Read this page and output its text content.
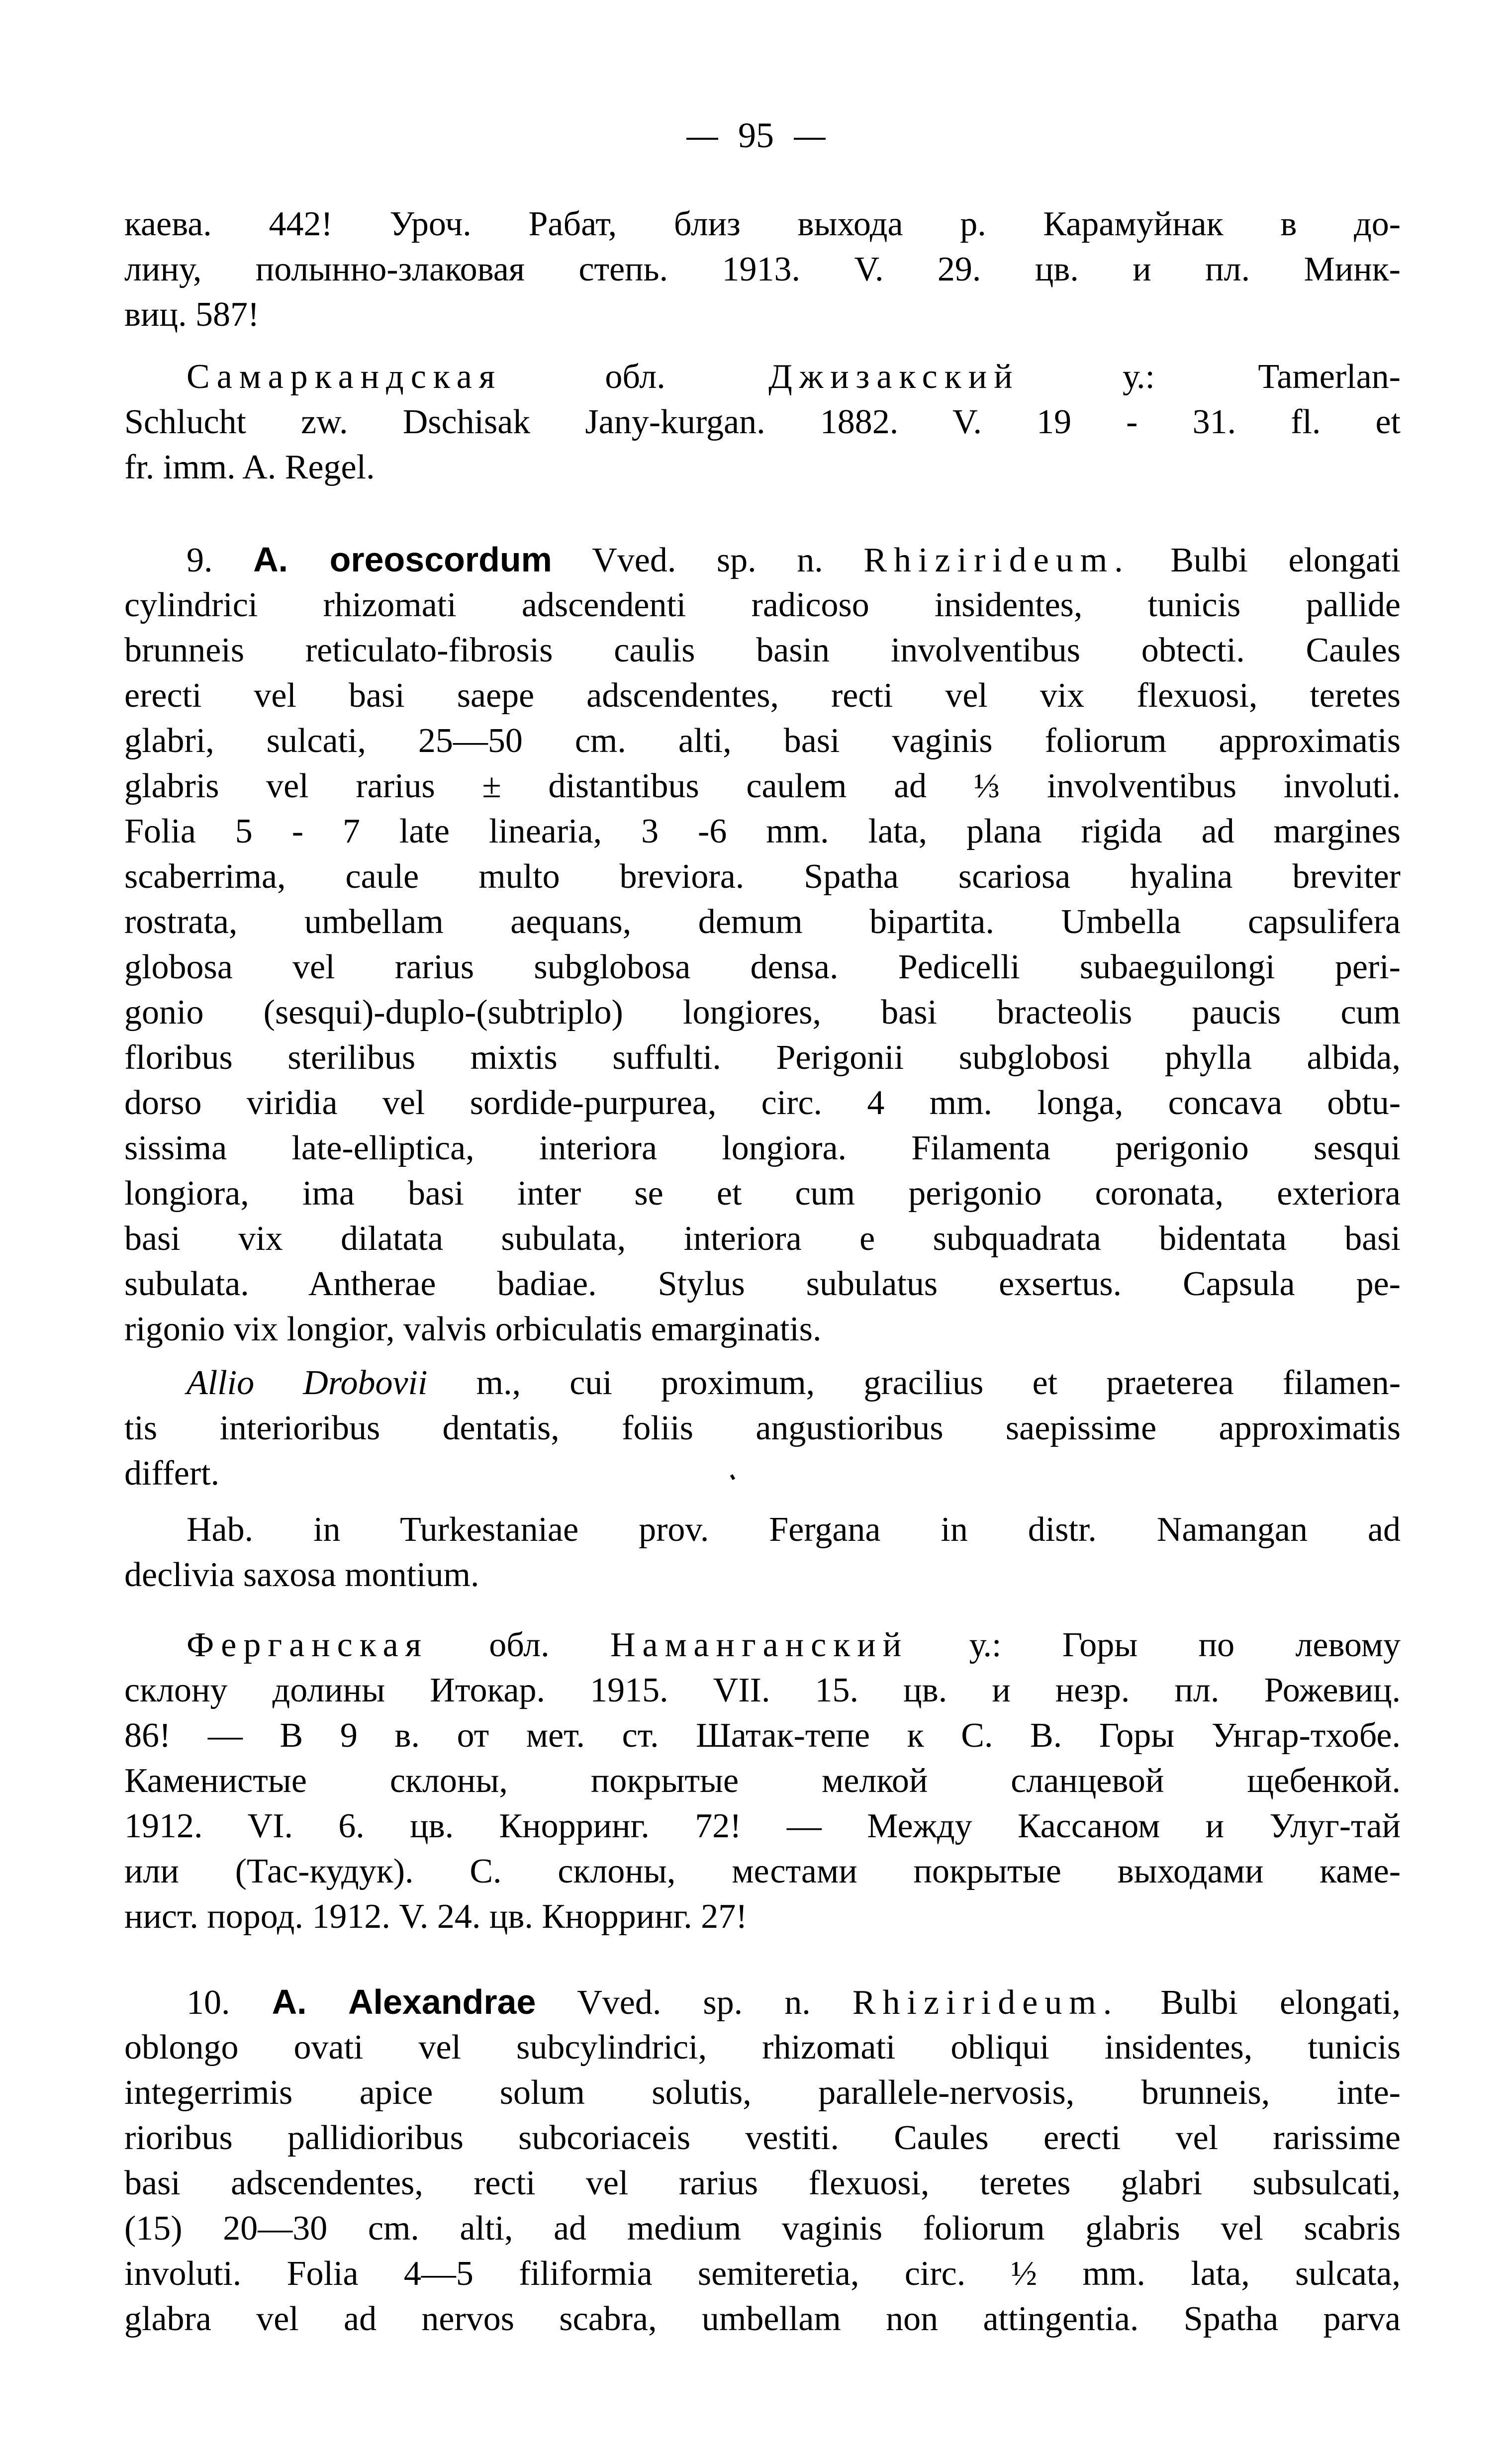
95
каева. 442! Уроч. Рабат, близ выхода р. Карамуйнак в до-
лину, полынно-злаковая степь. 1913. V. 29. цв. и пл. Минк-
виц. 587!
Самаркандская обл. Джизакский у.: Tamerlan-
Schlucht zw. Dschisak Jany-kurgan. 1882. V. 19 - 31. fl. et
fr. imm. A. Regel.
9. A. oreoscordum Vved. sp. n. Rhizirideum. Bulbi elongati
cylindrici rhizomati adscendenti radicoso insidentes, tunicis pallide
brunneis reticulato-fibrosis caulis basin involventibus obtecti. Caules
erecti vel basi saepe adscendentes, recti vel vix flexuosi, teretes
glabri, sulcati, 25—50 cm. alti, basi vaginis foliorum approximatis
glabris vel rarius ± distantibus caulem ad ⅓ involventibus involuti.
Folia 5 - 7 late linearia, 3 -6 mm. lata, plana rigida ad margines
scaberrima, caule multo breviora. Spatha scariosa hyalina breviter
rostrata, umbellam aequans, demum bipartita. Umbella capsulifera
globosa vel rarius subglobosa densa. Pedicelli subaeguilongi peri-
gonio (sesqui)-duplo-(subtriplo) longiores, basi bracteolis paucis cum
floribus sterilibus mixtis suffulti. Perigonii subglobosi phylla albida,
dorso viridia vel sordide-purpurea, circ. 4 mm. longa, concava obtu-
sissima late-elliptica, interiora longiora. Filamenta perigonio sesqui
longiora, ima basi inter se et cum perigonio coronata, exteriora
basi vix dilatata subulata, interiora e subquadrata bidentata basi
subulata. Antherae badiae. Stylus subulatus exsertus. Capsula pe-
rigonio vix longior, valvis orbiculatis emarginatis.
Allio Drobovii m., cui proximum, gracilius et praeterea filamen-
tis interioribus dentatis, foliis angustioribus saepissime approximatis
differt.
Hab. in Turkestaniae prov. Fergana in distr. Namangan ad
declivia saxosa montium.
Ферганская обл. Наманганский у.: Горы по левому
склону долины Итокар. 1915. VII. 15. цв. и незр. пл. Рожевиц.
86! — В 9 в. от мет. ст. Шатак-тепе к С. В. Горы Унгар-тхобе.
Каменистые склоны, покрытые мелкой сланцевой щебенкой.
1912. VI. 6. цв. Кнорринг. 72! — Между Кассаном и Улуг-тай
или (Тас-кудук). С. склоны, местами покрытые выходами каме-
нист. пород. 1912. V. 24. цв. Кнорринг. 27!
10. A. Alexandrae Vved. sp. n. Rhizirideum. Bulbi elongati,
oblongo ovati vel subcylindrici, rhizomati obliqui insidentes, tunicis
integerrimis apice solum solutis, parallele-nervosis, brunneis, inte-
rioribus pallidioribus subcoriaceis vestiti. Caules erecti vel rarissime
basi adscendentes, recti vel rarius flexuosi, teretes glabri subsulcati,
(15) 20—30 cm. alti, ad medium vaginis foliorum glabris vel scabris
involuti. Folia 4—5 filiformia semiteretia, circ. ½ mm. lata, sulcata,
glabra vel ad nervos scabra, umbellam non attingentia. Spatha parva
